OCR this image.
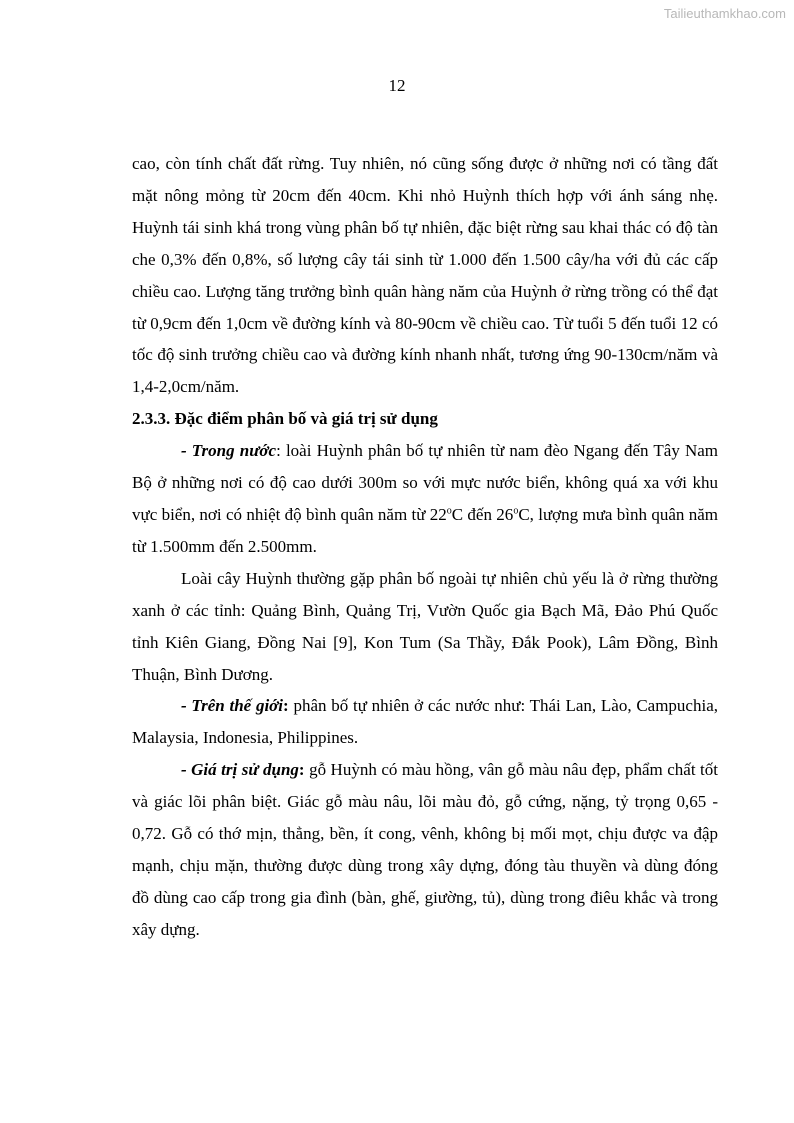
Tailieuthamkhao.com
12

cao, còn tính chất đất rừng. Tuy nhiên, nó cũng sống được ở những nơi có tầng đất mặt nông mỏng từ 20cm đến 40cm. Khi nhỏ Huỳnh thích hợp với ánh sáng nhẹ. Huỳnh tái sinh khá trong vùng phân bố tự nhiên, đặc biệt rừng sau khai thác có độ tàn che 0,3% đến 0,8%, số lượng cây tái sinh từ 1.000 đến 1.500 cây/ha với đủ các cấp chiều cao. Lượng tăng trưởng bình quân hàng năm của Huỳnh ở rừng trồng có thể đạt từ 0,9cm đến 1,0cm về đường kính và 80-90cm về chiều cao. Từ tuổi 5 đến tuổi 12 có tốc độ sinh trưởng chiều cao và đường kính nhanh nhất, tương ứng 90-130cm/năm và 1,4-2,0cm/năm.

2.3.3. Đặc điểm phân bố và giá trị sử dụng

- Trong nước: loài Huỳnh phân bố tự nhiên từ nam đèo Ngang đến Tây Nam Bộ ở những nơi có độ cao dưới 300m so với mực nước biển, không quá xa với khu vực biển, nơi có nhiệt độ bình quân năm từ 22$^o$C đến 26$^o$C, lượng mưa bình quân năm từ 1.500mm đến 2.500mm.

Loài cây Huỳnh thường gặp phân bố ngoài tự nhiên chủ yếu là ở rừng thường xanh ở các tỉnh: Quảng Bình, Quảng Trị, Vườn Quốc gia Bạch Mã, Đảo Phú Quốc tỉnh Kiên Giang, Đồng Nai [9], Kon Tum (Sa Thầy, Đắk Pook), Lâm Đồng, Bình Thuận, Bình Dương.

- Trên thế giới: phân bố tự nhiên ở các nước như: Thái Lan, Lào, Campuchia, Malaysia, Indonesia, Philippines.

- Giá trị sử dụng: gỗ Huỳnh có màu hồng, vân gỗ màu nâu đẹp, phẩm chất tốt và giác lõi phân biệt. Giác gỗ màu nâu, lõi màu đỏ, gỗ cứng, nặng, tỷ trọng 0,65 - 0,72. Gỗ có thớ mịn, thẳng, bền, ít cong, vênh, không bị mối mọt, chịu được va đập mạnh, chịu mặn, thường được dùng trong xây dựng, đóng tàu thuyền và dùng đóng đồ dùng cao cấp trong gia đình (bàn, ghế, giường, tủ), dùng trong điêu khắc và trong xây dựng.
